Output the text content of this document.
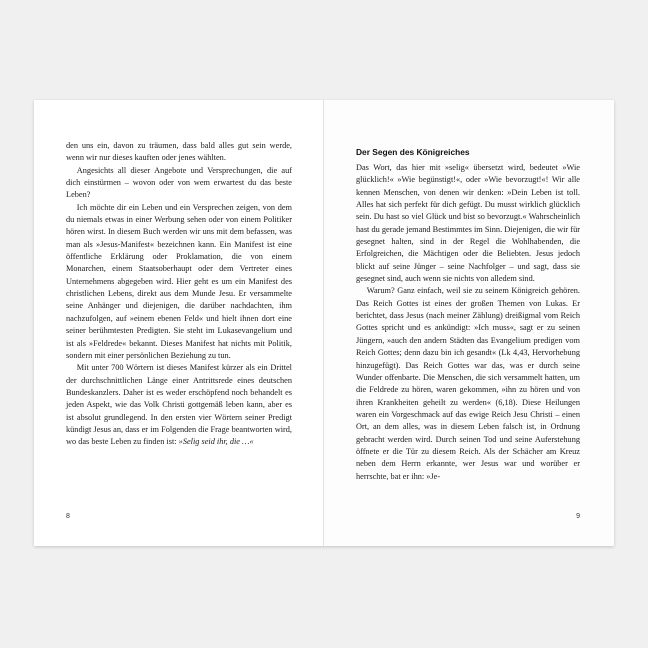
den uns ein, davon zu träumen, dass bald alles gut sein werde, wenn wir nur dieses kauften oder jenes wählten.

Angesichts all dieser Angebote und Versprechungen, die auf dich einstürmen – wovon oder von wem erwartest du das beste Leben?

Ich möchte dir ein Leben und ein Versprechen zeigen, von dem du niemals etwas in einer Werbung sehen oder von einem Politiker hören wirst. In diesem Buch werden wir uns mit dem befassen, was man als »Jesus-Manifest« bezeichnen kann. Ein Manifest ist eine öffentliche Erklärung oder Proklamation, die von einem Monarchen, einem Staatsoberhaupt oder dem Vertreter eines Unternehmens abgegeben wird. Hier geht es um ein Manifest des christlichen Lebens, direkt aus dem Munde Jesu. Er versammelte seine Anhänger und diejenigen, die darüber nachdachten, ihm nachzufolgen, auf »einem ebenen Feld« und hielt ihnen dort eine seiner berühmtesten Predigten. Sie steht im Lukasevangelium und ist als »Feldrede« bekannt. Dieses Manifest hat nichts mit Politik, sondern mit einer persönlichen Beziehung zu tun.

Mit unter 700 Wörtern ist dieses Manifest kürzer als ein Drittel der durchschnittlichen Länge einer Antrittsrede eines deutschen Bundeskanzlers. Daher ist es weder erschöpfend noch behandelt es jeden Aspekt, wie das Volk Christi gottgemäß leben kann, aber es ist absolut grundlegend. In den ersten vier Wörtern seiner Predigt kündigt Jesus an, dass er im Folgenden die Frage beantworten wird, wo das beste Leben zu finden ist: »Selig seid ihr, die …«

8
Der Segen des Königreiches

Das Wort, das hier mit »selig« übersetzt wird, bedeutet »Wie glücklich!« »Wie begünstigt!«, oder »Wie bevorzugt!«! Wir alle kennen Menschen, von denen wir denken: »Dein Leben ist toll. Alles hat sich perfekt für dich gefügt. Du musst wirklich glücklich sein. Du hast so viel Glück und bist so bevorzugt.« Wahrscheinlich hast du gerade jemand Bestimmtes im Sinn. Diejenigen, die wir für gesegnet halten, sind in der Regel die Wohlhabenden, die Erfolgreichen, die Mächtigen oder die Beliebten. Jesus jedoch blickt auf seine Jünger – seine Nachfolger – und sagt, dass sie gesegnet sind, auch wenn sie nichts von alledem sind.

Warum? Ganz einfach, weil sie zu seinem Königreich gehören. Das Reich Gottes ist eines der großen Themen von Lukas. Er berichtet, dass Jesus (nach meiner Zählung) dreißigmal vom Reich Gottes spricht und es ankündigt: »Ich muss«, sagt er zu seinen Jüngern, »auch den andern Städten das Evangelium predigen vom Reich Gottes; denn dazu bin ich gesandt« (Lk 4,43, Hervorhebung hinzugefügt). Das Reich Gottes war das, was er durch seine Wunder offenbarte. Die Menschen, die sich versammelt hatten, um die Feldrede zu hören, waren gekommen, »ihn zu hören und von ihren Krankheiten geheilt zu werden« (6,18). Diese Heilungen waren ein Vorgeschmack auf das ewige Reich Jesu Christi – einen Ort, an dem alles, was in diesem Leben falsch ist, in Ordnung gebracht werden wird. Durch seinen Tod und seine Auferstehung öffnete er die Tür zu diesem Reich. Als der Schächer am Kreuz neben dem Herrn erkannte, wer Jesus war und worüber er herrschte, bat er ihn: »Je-

9
